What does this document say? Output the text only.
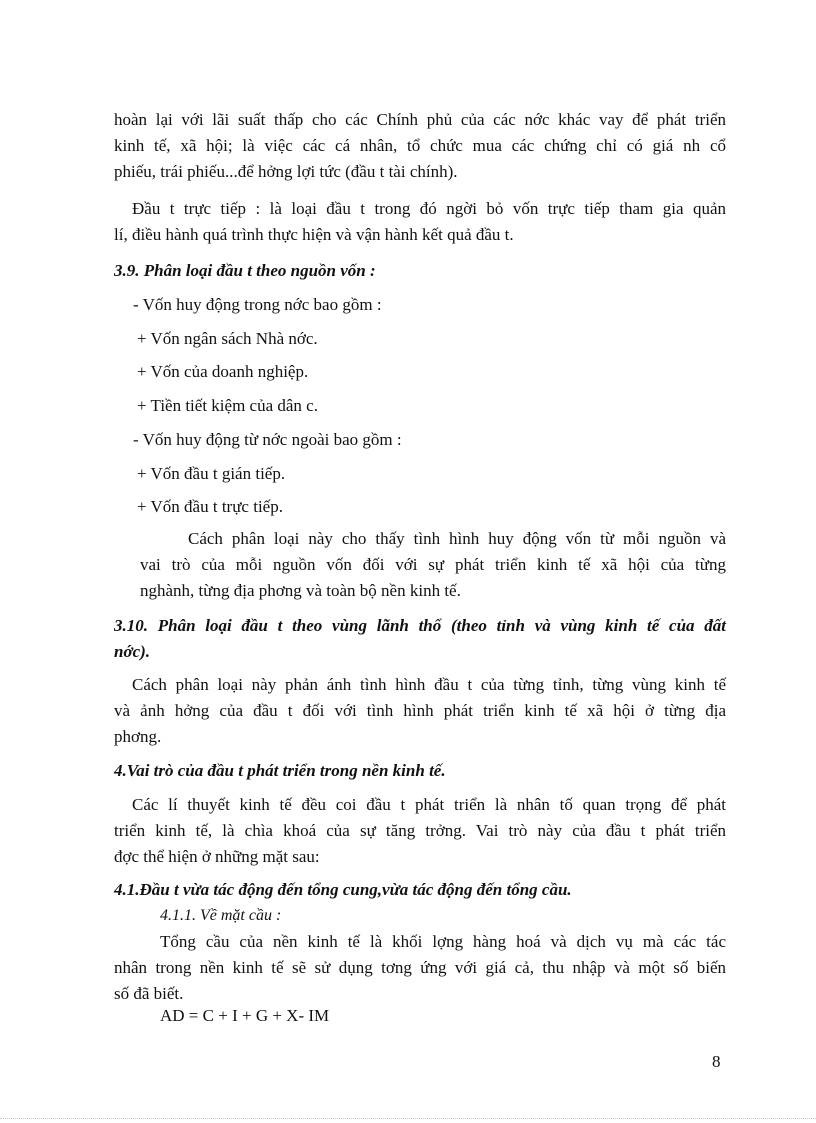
hoàn lại với lãi suất thấp cho các Chính phủ của các nớc khác vay để phát triển

kinh tế, xã hội; là việc các cá nhân, tổ chức mua các chứng chỉ có giá nh cổ

phiếu, trái phiếu...để hởng lợi tức (đầu t tài chính).

Đầu t trực tiếp : là loại đầu t trong đó ngời bỏ vốn trực tiếp tham gia quản

lí, điều hành quá trình thực hiện và vận hành kết quả đầu t.

3.9. Phân loại đầu t theo nguồn vốn :

- Vốn huy động trong nớc bao gồm :

+ Vốn ngân sách Nhà nớc.

+ Vốn của doanh nghiệp.

+ Tiền tiết kiệm của dân c.

- Vốn huy động từ nớc ngoài bao gồm :

+ Vốn đầu t gián tiếp.

+ Vốn đầu t trực tiếp.

Cách phân loại này cho thấy tình hình huy động vốn từ mỗi nguồn và

vai trò của mỗi nguồn vốn đối với sự phát triển kinh tế xã hội của từng

nghành, từng địa phơng và toàn bộ nền kinh tế.

3.10. Phân loại đầu t theo vùng lãnh thổ (theo tỉnh và vùng kinh tế của đất

nớc).

Cách phân loại này phản ánh tình hình đầu t của từng tỉnh, từng vùng kinh tế

và ảnh hởng của đầu t đối với tình hình phát triển kinh tế xã hội ở từng địa

phơng.

4.Vai trò của đầu t phát triển trong nền kinh tế.

Các lí thuyết kinh tế đều coi đầu t phát triển là nhân tố quan trọng để phát

triển kinh tế, là chìa khoá của sự tăng trởng. Vai trò này của đầu t phát triển

đợc thể hiện ở những mặt sau:

4.1.Đầu t vừa tác động đến tổng cung,vừa tác động đến tổng cầu.

4.1.1. Về mặt cầu :

Tổng cầu của nền kinh tế là khối lợng hàng hoá và dịch vụ mà các tác

nhân trong nền kinh tế sẽ sử dụng tơng ứng với giá cả, thu nhập và một số biến

số đã biết.

AD = C + I + G + X- IM

8
